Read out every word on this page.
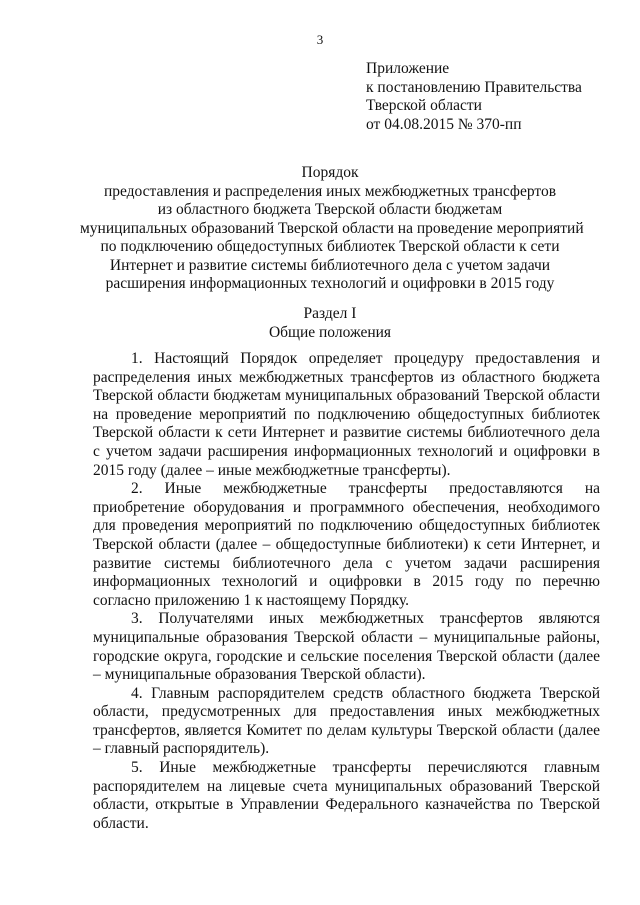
3
Приложение
к постановлению Правительства
Тверской области
от 04.08.2015 № 370-пп
Порядок
предоставления и распределения иных межбюджетных трансфертов
из областного бюджета Тверской области бюджетам
муниципальных образований Тверской области на проведение мероприятий
по подключению общедоступных библиотек Тверской области к сети
Интернет и развитие системы библиотечного дела с учетом задачи
расширения информационных технологий и оцифровки в 2015 году
Раздел I
Общие положения

1. Настоящий Порядок определяет процедуру предоставления и распределения иных межбюджетных трансфертов из областного бюджета Тверской области бюджетам муниципальных образований Тверской области на проведение мероприятий по подключению общедоступных библиотек Тверской области к сети Интернет и развитие системы библиотечного дела с учетом задачи расширения информационных технологий и оцифровки в 2015 году (далее – иные межбюджетные трансферты).

2. Иные межбюджетные трансферты предоставляются на приобретение оборудования и программного обеспечения, необходимого для проведения мероприятий по подключению общедоступных библиотек Тверской области (далее – общедоступные библиотеки) к сети Интернет, и развитие системы библиотечного дела с учетом задачи расширения информационных технологий и оцифровки в 2015 году по перечню согласно приложению 1 к настоящему Порядку.

3. Получателями иных межбюджетных трансфертов являются муниципальные образования Тверской области – муниципальные районы, городские округа, городские и сельские поселения Тверской области (далее – муниципальные образования Тверской области).

4. Главным распорядителем средств областного бюджета Тверской области, предусмотренных для предоставления иных межбюджетных трансфертов, является Комитет по делам культуры Тверской области (далее – главный распорядитель).

5. Иные межбюджетные трансферты перечисляются главным распорядителем на лицевые счета муниципальных образований Тверской области, открытые в Управлении Федерального казначейства по Тверской области.
